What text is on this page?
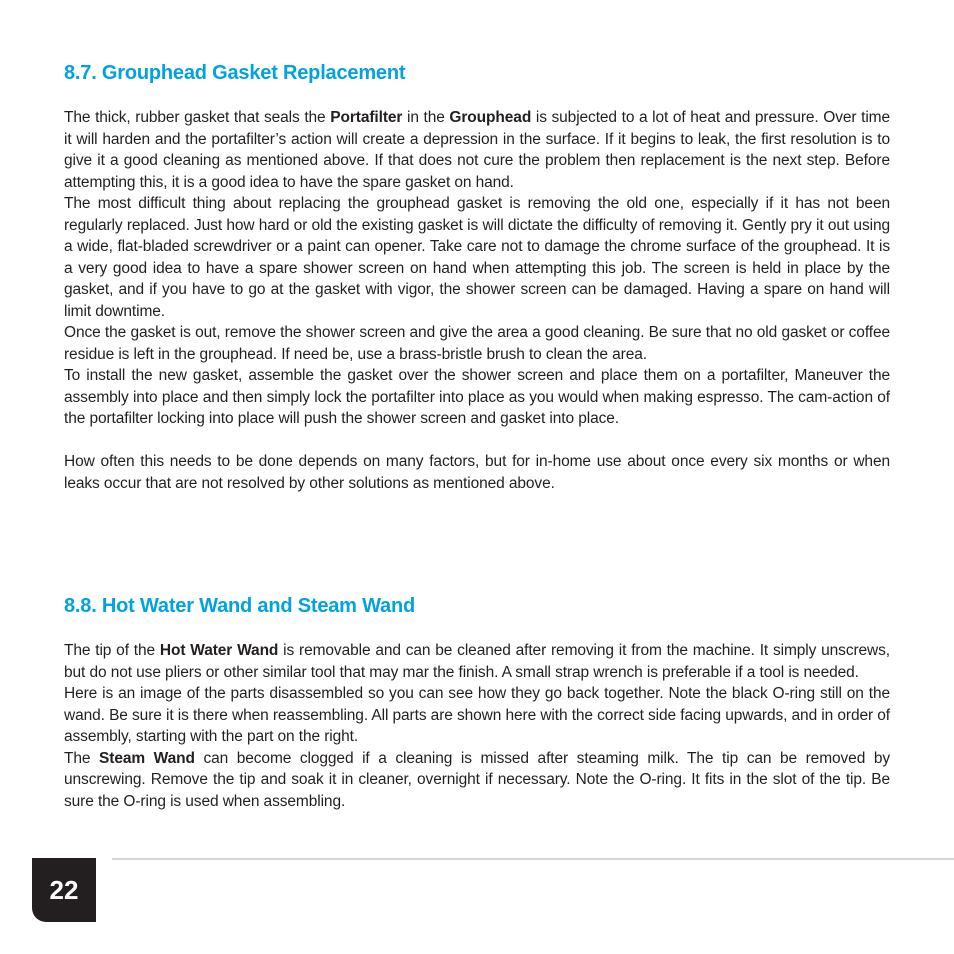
8.7. Grouphead Gasket Replacement

The thick, rubber gasket that seals the Portafilter in the Grouphead is subjected to a lot of heat and pressure. Over time it will harden and the portafilter’s action will create a depression in the surface. If it begins to leak, the first resolution is to give it a good cleaning as mentioned above. If that does not cure the problem then replacement is the next step. Before attempting this, it is a good idea to have the spare gasket on hand.

The most difficult thing about replacing the grouphead gasket is removing the old one, especially if it has not been regularly replaced. Just how hard or old the existing gasket is will dictate the difficulty of removing it. Gently pry it out using a wide, flat-bladed screwdriver or a paint can opener. Take care not to damage the chrome surface of the grouphead. It is a very good idea to have a spare shower screen on hand when attempting this job. The screen is held in place by the gasket, and if you have to go at the gasket with vigor, the shower screen can be damaged. Having a spare on hand will limit downtime.

Once the gasket is out, remove the shower screen and give the area a good cleaning. Be sure that no old gasket or coffee residue is left in the grouphead. If need be, use a brass-bristle brush to clean the area.

To install the new gasket, assemble the gasket over the shower screen and place them on a portafilter, Maneuver the assembly into place and then simply lock the portafilter into place as you would when making espresso. The cam-action of the portafilter locking into place will push the shower screen and gasket into place.

How often this needs to be done depends on many factors, but for in-home use about once every six months or when leaks occur that are not resolved by other solutions as mentioned above.

8.8. Hot Water Wand and Steam Wand

The tip of the Hot Water Wand is removable and can be cleaned after removing it from the machine. It simply unscrews, but do not use pliers or other similar tool that may mar the finish. A small strap wrench is preferable if a tool is needed.

Here is an image of the parts disassembled so you can see how they go back together. Note the black O-ring still on the wand. Be sure it is there when reassembling. All parts are shown here with the correct side facing upwards, and in order of assembly, starting with the part on the right.

The Steam Wand can become clogged if a cleaning is missed after steaming milk. The tip can be removed by unscrewing. Remove the tip and soak it in cleaner, overnight if necessary. Note the O-ring. It fits in the slot of the tip. Be sure the O-ring is used when assembling.

22
